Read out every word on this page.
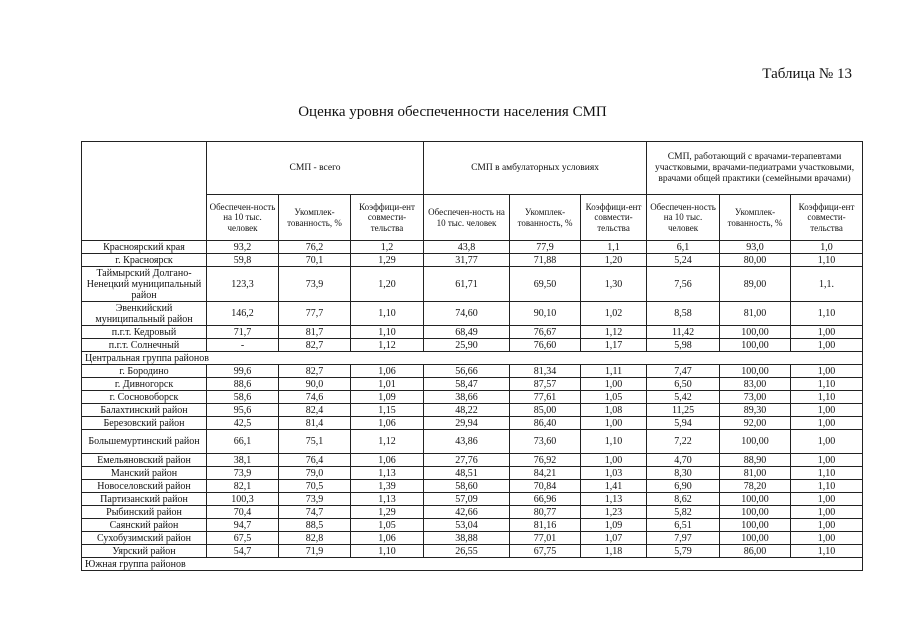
Таблица № 13
Оценка уровня обеспеченности населения СМП
	СМП - всего			СМП в амбулаторных условиях			СМП, работающий с врачами-терапевтами участковыми, врачами-педиатрами участковыми, врачами общей практики (семейными врачами)		
	Обеспечен-ность на 10 тыс. человек	Укомплек-тованность, %	Коэффици-ент совмести-тельства	Обеспечен-ность на 10 тыс. человек	Укомплек-тованность, %	Коэффици-ент совмести-тельства	Обеспечен-ность на 10 тыс. человек	Укомплек-тованность, %	Коэффици-ент совмести-тельства
Красноярский края	93,2	76,2	1,2	43,8	77,9	1,1	6,1	93,0	1,0
г. Красноярск	59,8	70,1	1,29	31,77	71,88	1,20	5,24	80,00	1,10
Таймырский Долгано-Ненецкий муниципальный район	123,3	73,9	1,20	61,71	69,50	1,30	7,56	89,00	1,1.
Эвенкийский муниципальный район	146,2	77,7	1,10	74,60	90,10	1,02	8,58	81,00	1,10
п.г.т. Кедровый	71,7	81,7	1,10	68,49	76,67	1,12	11,42	100,00	1,00
п.г.т. Солнечный	-	82,7	1,12	25,90	76,60	1,17	5,98	100,00	1,00
Центральная группа районов									
г. Бородино	99,6	82,7	1,06	56,66	81,34	1,11	7,47	100,00	1,00
г. Дивногорск	88,6	90,0	1,01	58,47	87,57	1,00	6,50	83,00	1,10
г. Сосновоборск	58,6	74,6	1,09	38,66	77,61	1,05	5,42	73,00	1,10
Балахтинский район	95,6	82,4	1,15	48,22	85,00	1,08	11,25	89,30	1,00
Березовский район	42,5	81,4	1,06	29,94	86,40	1,00	5,94	92,00	1,00
Большемуртинский район	66,1	75,1	1,12	43,86	73,60	1,10	7,22	100,00	1,00
Емельяновский район	38,1	76,4	1,06	27,76	76,92	1,00	4,70	88,90	1,00
Манский район	73,9	79,0	1,13	48,51	84,21	1,03	8,30	81,00	1,10
Новоселовский район	82,1	70,5	1,39	58,60	70,84	1,41	6,90	78,20	1,10
Партизанский район	100,3	73,9	1,13	57,09	66,96	1,13	8,62	100,00	1,00
Рыбинский район	70,4	74,7	1,29	42,66	80,77	1,23	5,82	100,00	1,00
Саянский район	94,7	88,5	1,05	53,04	81,16	1,09	6,51	100,00	1,00
Сухобузимский район	67,5	82,8	1,06	38,88	77,01	1,07	7,97	100,00	1,00
Уярский район	54,7	71,9	1,10	26,55	67,75	1,18	5,79	86,00	1,10
Южная группа районов									
